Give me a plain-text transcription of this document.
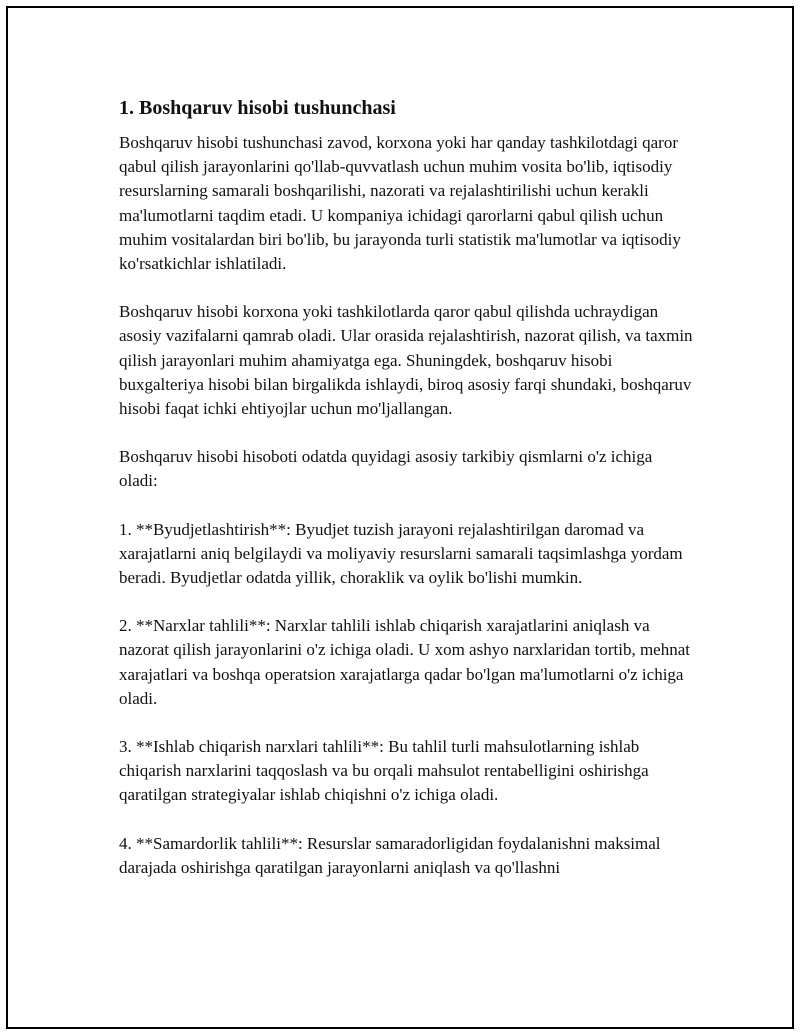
1. Boshqaruv hisobi tushunchasi

Boshqaruv hisobi tushunchasi zavod, korxona yoki har qanday tashkilotdagi qaror qabul qilish jarayonlarini qo'llab-quvvatlash uchun muhim vosita bo'lib, iqtisodiy resurslarning samarali boshqarilishi, nazorati va rejalashtirilishi uchun kerakli ma'lumotlarni taqdim etadi. U kompaniya ichidagi qarorlarni qabul qilish uchun muhim vositalardan biri bo'lib, bu jarayonda turli statistik ma'lumotlar va iqtisodiy ko'rsatkichlar ishlatiladi.

Boshqaruv hisobi korxona yoki tashkilotlarda qaror qabul qilishda uchraydigan asosiy vazifalarni qamrab oladi. Ular orasida rejalashtirish, nazorat qilish, va taxmin qilish jarayonlari muhim ahamiyatga ega. Shuningdek, boshqaruv hisobi buxgalteriya hisobi bilan birgalikda ishlaydi, biroq asosiy farqi shundaki, boshqaruv hisobi faqat ichki ehtiyojlar uchun mo'ljallangan.

Boshqaruv hisobi hisoboti odatda quyidagi asosiy tarkibiy qismlarni o'z ichiga oladi:

1. **Byudjetlashtirish**: Byudjet tuzish jarayoni rejalashtirilgan daromad va xarajatlarni aniq belgilaydi va moliyaviy resurslarni samarali taqsimlashga yordam beradi. Byudjetlar odatda yillik, choraklik va oylik bo'lishi mumkin.

2. **Narxlar tahlili**: Narxlar tahlili ishlab chiqarish xarajatlarini aniqlash va nazorat qilish jarayonlarini o'z ichiga oladi. U xom ashyo narxlaridan tortib, mehnat xarajatlari va boshqa operatsion xarajatlarga qadar bo'lgan ma'lumotlarni o'z ichiga oladi.

3. **Ishlab chiqarish narxlari tahlili**: Bu tahlil turli mahsulotlarning ishlab chiqarish narxlarini taqqoslash va bu orqali mahsulot rentabelligini oshirishga qaratilgan strategiyalar ishlab chiqishni o'z ichiga oladi.

4. **Samardorlik tahlili**: Resurslar samaradorligidan foydalanishni maksimal darajada oshirishga qaratilgan jarayonlarni aniqlash va qo'llashni
